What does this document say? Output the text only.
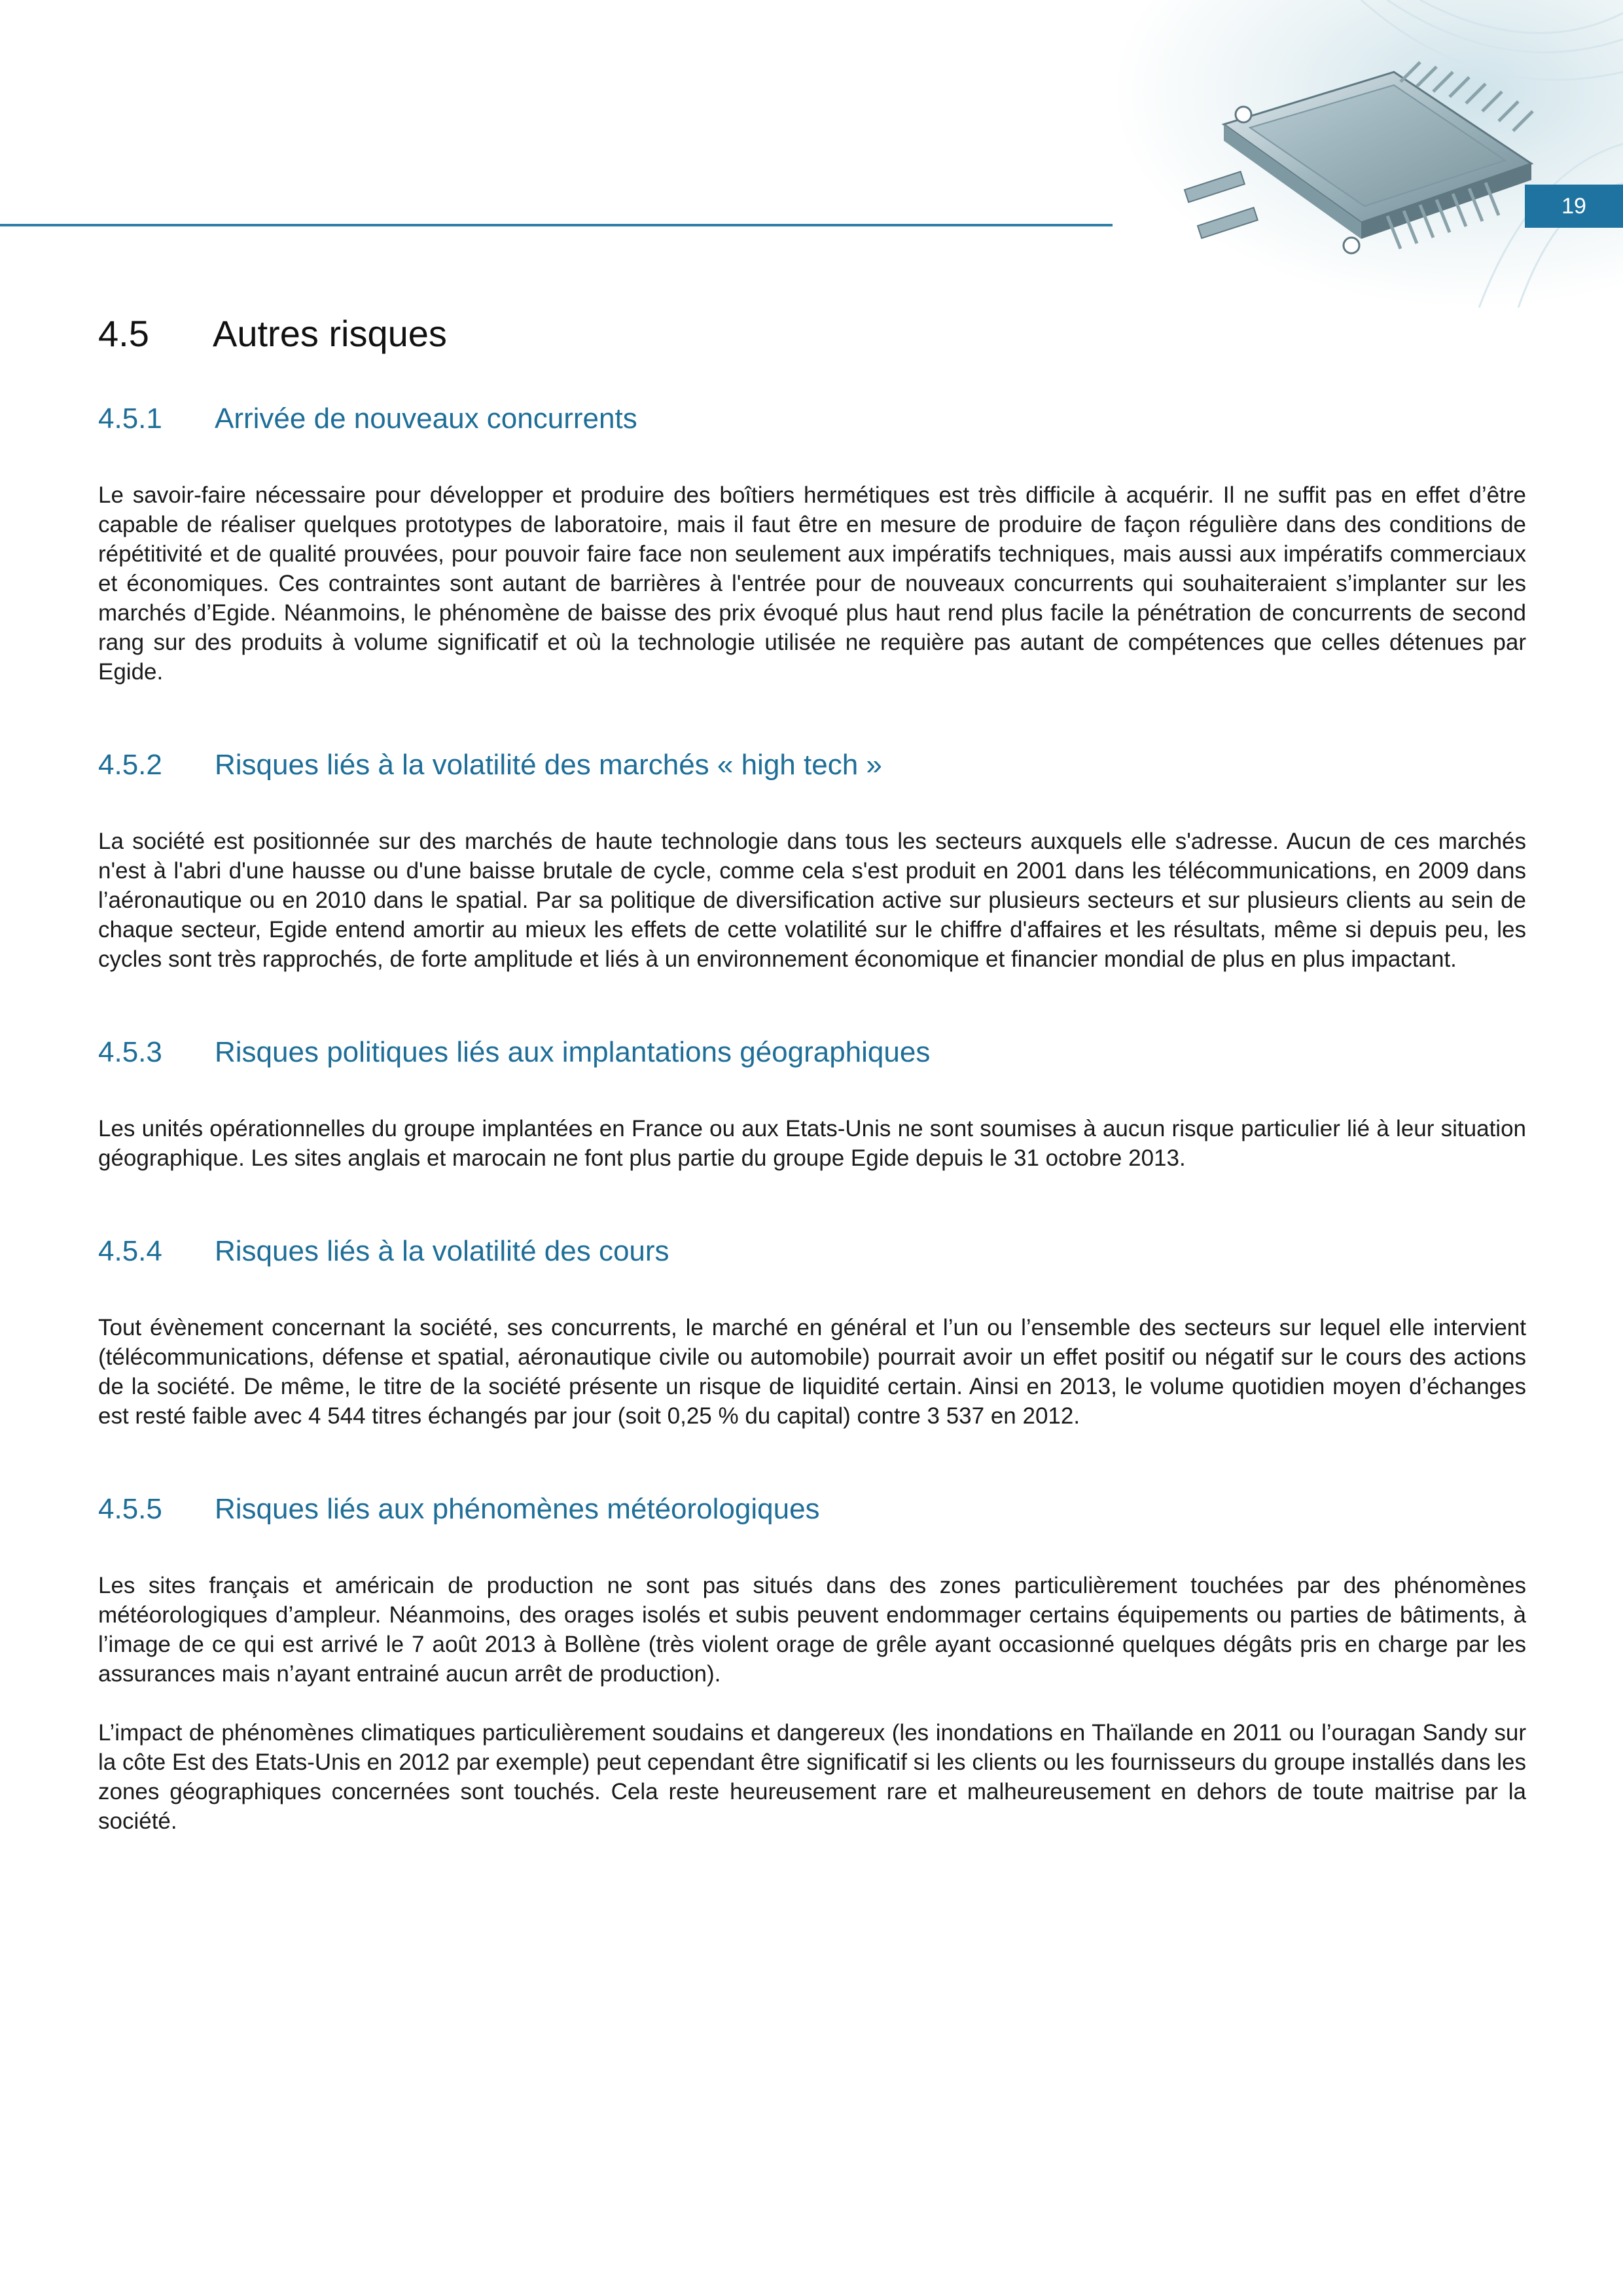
19
4.5	Autres risques
4.5.1	Arrivée de nouveaux concurrents

Le savoir-faire nécessaire pour développer et produire des boîtiers hermétiques est très difficile à acquérir. Il ne suffit pas en effet d’être capable de réaliser quelques prototypes de laboratoire, mais il faut être en mesure de produire de façon régulière dans des conditions de répétitivité et de qualité prouvées, pour pouvoir faire face non seulement aux impératifs techniques, mais aussi aux impératifs commerciaux et économiques. Ces contraintes sont autant de barrières à l'entrée pour de nouveaux concurrents qui souhaiteraient s’implanter sur les marchés d’Egide. Néanmoins, le phénomène de baisse des prix évoqué plus haut rend plus facile la pénétration de concurrents de second rang sur des produits à volume significatif et où la technologie utilisée ne requière pas autant de compétences que celles détenues par Egide.

4.5.2	Risques liés à la volatilité des marchés « high tech »

La société est positionnée sur des marchés de haute technologie dans tous les secteurs auxquels elle s'adresse. Aucun de ces marchés n'est à l'abri d'une hausse ou d'une baisse brutale de cycle, comme cela s'est produit en 2001 dans les télécommunications, en 2009 dans l’aéronautique ou en 2010 dans le spatial. Par sa politique de diversification active sur plusieurs secteurs et sur plusieurs clients au sein de chaque secteur, Egide entend amortir au mieux les effets de cette volatilité sur le chiffre d'affaires et les résultats, même si depuis peu, les cycles sont très rapprochés, de forte amplitude et liés à un environnement économique et financier mondial de plus en plus impactant.

4.5.3	Risques politiques liés aux implantations géographiques

Les unités opérationnelles du groupe implantées en France ou aux Etats-Unis ne sont soumises à aucun risque particulier lié à leur situation géographique. Les sites anglais et marocain ne font plus partie du groupe Egide depuis le 31 octobre 2013.

4.5.4	Risques liés à la volatilité des cours

Tout évènement concernant la société, ses concurrents, le marché en général et l’un ou l’ensemble des secteurs sur lequel elle intervient (télécommunications, défense et spatial, aéronautique civile ou automobile) pourrait avoir un effet positif ou négatif sur le cours des actions de la société. De même, le titre de la société présente un risque de liquidité certain. Ainsi en 2013, le volume quotidien moyen d’échanges est resté faible avec 4 544 titres échangés par jour (soit 0,25 % du capital) contre 3 537 en 2012.

4.5.5	Risques liés aux phénomènes météorologiques

Les sites français et américain de production ne sont pas situés dans des zones particulièrement touchées par des phénomènes météorologiques d’ampleur. Néanmoins, des orages isolés et subis peuvent endommager certains équipements ou parties de bâtiments, à l’image de ce qui est arrivé le 7 août 2013 à Bollène (très violent orage de grêle ayant occasionné quelques dégâts pris en charge par les assurances mais n’ayant entrainé aucun arrêt de production).

L’impact de phénomènes climatiques particulièrement soudains et dangereux (les inondations en Thaïlande en 2011 ou l’ouragan Sandy sur la côte Est des Etats-Unis en 2012 par exemple) peut cependant être significatif si les clients ou les fournisseurs du groupe installés dans les zones géographiques concernées sont touchés. Cela reste heureusement rare et malheureusement en dehors de toute maitrise par la société.
